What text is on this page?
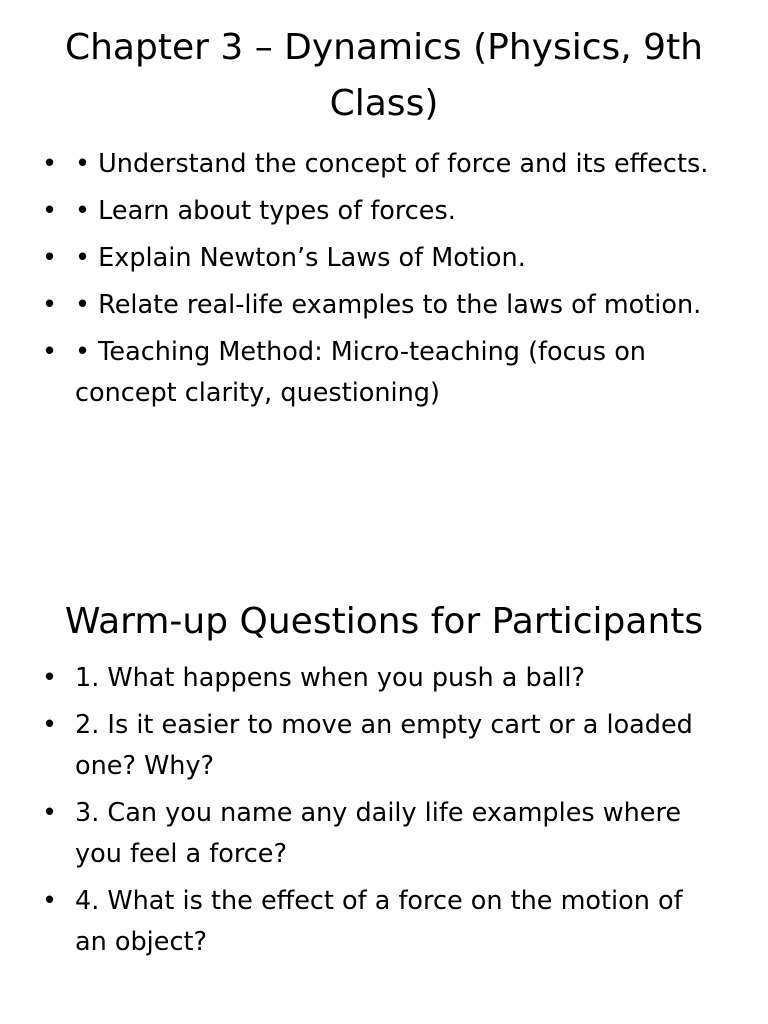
Chapter 3 – Dynamics (Physics, 9th Class)
• • Understand the concept of force and its effects.
• • Learn about types of forces.
• • Explain Newton’s Laws of Motion.
• • Relate real-life examples to the laws of motion.
• • Teaching Method: Micro-teaching (focus on concept clarity, questioning)
Warm-up Questions for Participants
• 1. What happens when you push a ball?
• 2. Is it easier to move an empty cart or a loaded one? Why?
• 3. Can you name any daily life examples where you feel a force?
• 4. What is the effect of a force on the motion of an object?
